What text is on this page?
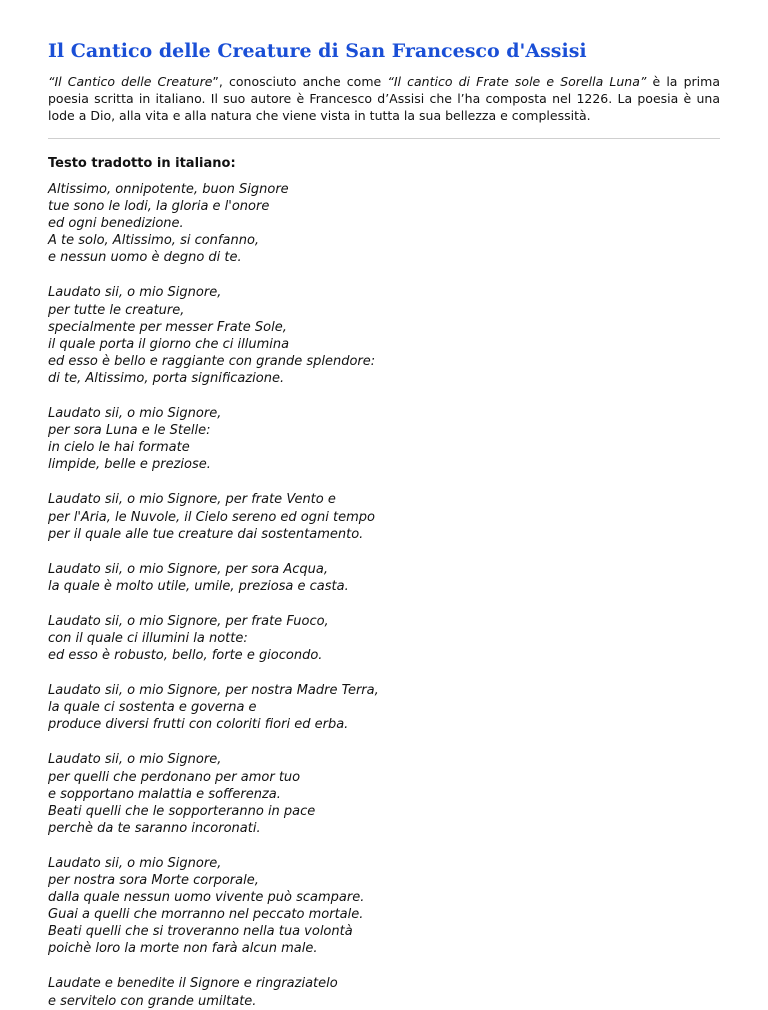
Il Cantico delle Creature di San Francesco d'Assisi

“Il Cantico delle Creature”, conosciuto anche come “Il cantico di Frate sole e Sorella Luna” è la prima poesia scritta in italiano. Il suo autore è Francesco d’Assisi che l’ha composta nel 1226. La poesia è una lode a Dio, alla vita e alla natura che viene vista in tutta la sua bellezza e complessità.

Testo tradotto in italiano:
Altissimo, onnipotente, buon Signore
tue sono le lodi, la gloria e l'onore
ed ogni benedizione.
A te solo, Altissimo, si confanno,
e nessun uomo è degno di te.
Laudato sii, o mio Signore,
per tutte le creature,
specialmente per messer Frate Sole,
il quale porta il giorno che ci illumina
ed esso è bello e raggiante con grande splendore:
di te, Altissimo, porta significazione.
Laudato sii, o mio Signore,
per sora Luna e le Stelle:
in cielo le hai formate
limpide, belle e preziose.
Laudato sii, o mio Signore, per frate Vento e
per l'Aria, le Nuvole, il Cielo sereno ed ogni tempo
per il quale alle tue creature dai sostentamento.
Laudato sii, o mio Signore, per sora Acqua,
la quale è molto utile, umile, preziosa e casta.
Laudato sii, o mio Signore, per frate Fuoco,
con il quale ci illumini la notte:
ed esso è robusto, bello, forte e giocondo.
Laudato sii, o mio Signore, per nostra Madre Terra,
la quale ci sostenta e governa e
produce diversi frutti con coloriti fiori ed erba.
Laudato sii, o mio Signore,
per quelli che perdonano per amor tuo
e sopportano malattia e sofferenza.
Beati quelli che le sopporteranno in pace
perchè da te saranno incoronati.
Laudato sii, o mio Signore,
per nostra sora Morte corporale,
dalla quale nessun uomo vivente può scampare.
Guai a quelli che morranno nel peccato mortale.
Beati quelli che si troveranno nella tua volontà
poichè loro la morte non farà alcun male.
Laudate e benedite il Signore e ringraziatelo
e servitelo con grande umiltate.
